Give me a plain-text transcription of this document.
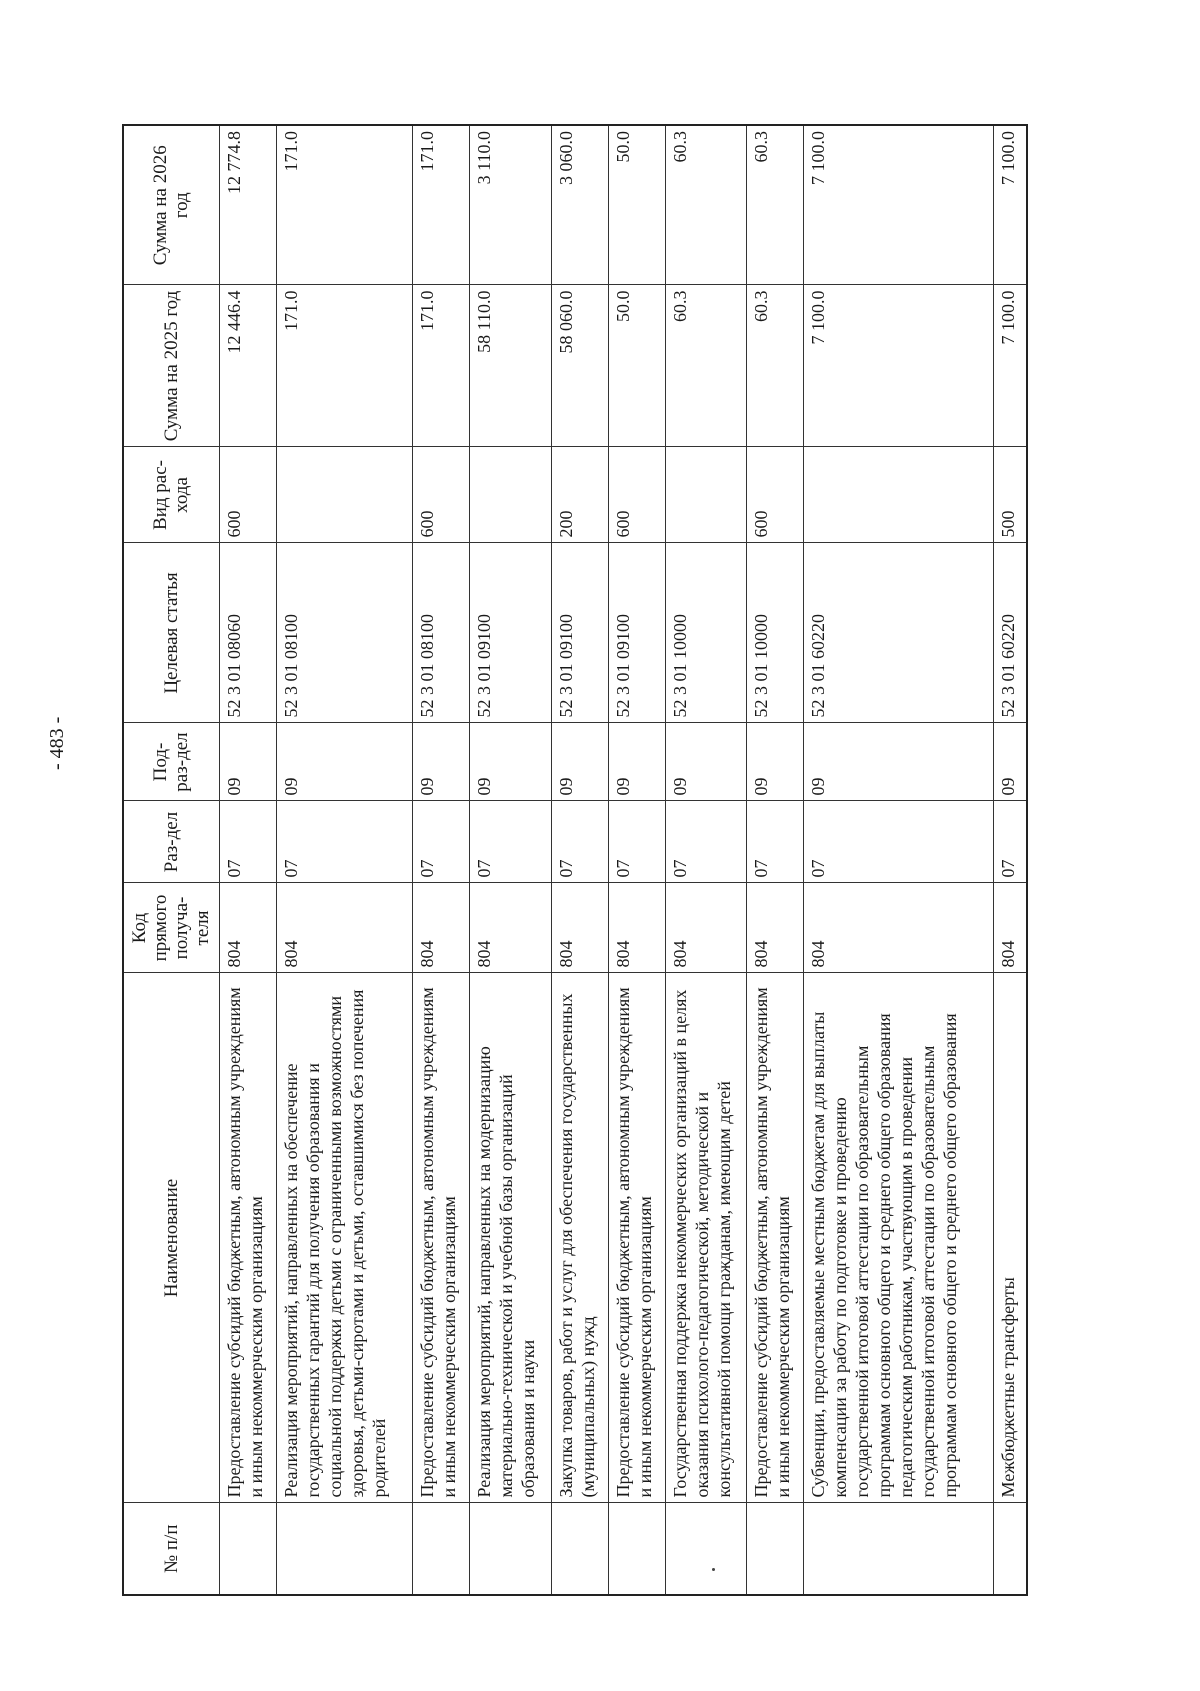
- 483 -
№ п/п	Наименование	Код прямого получа-теля	Раз-дел	Под-раз-дел	Целевая статья	Вид рас-хода	Сумма на 2025 год	Сумма на 2026 год
	Предоставление субсидий бюджетным, автономным учреждениям и иным некоммерческим организациям	804	07	09	52 3 01 08060	600	12 446.4	12 774.8
	Реализация мероприятий, направленных на обеспечение государственных гарантий для получения образования и социальной поддержки детьми с ограниченными возможностями здоровья, детьми-сиротами и детьми, оставшимися без попечения родителей	804	07	09	52 3 01 08100		171.0	171.0
	Предоставление субсидий бюджетным, автономным учреждениям и иным некоммерческим организациям	804	07	09	52 3 01 08100	600	171.0	171.0
	Реализация мероприятий, направленных на модернизацию материально-технической и учебной базы организаций образования и науки	804	07	09	52 3 01 09100		58 110.0	3 110.0
	Закупка товаров, работ и услуг для обеспечения государственных (муниципальных) нужд	804	07	09	52 3 01 09100	200	58 060.0	3 060.0
	Предоставление субсидий бюджетным, автономным учреждениям и иным некоммерческим организациям	804	07	09	52 3 01 09100	600	50.0	50.0
	Государственная поддержка некоммерческих организаций в целях оказания психолого-педагогической, методической и консультативной помощи гражданам, имеющим детей	804	07	09	52 3 01 10000		60.3	60.3
	Предоставление субсидий бюджетным, автономным учреждениям и иным некоммерческим организациям	804	07	09	52 3 01 10000	600	60.3	60.3
	Субвенции, предоставляемые местным бюджетам для выплаты компенсации за работу по подготовке и проведению государственной итоговой аттестации по образовательным программам основного общего и среднего общего образования педагогическим работникам, участвующим в проведении государственной итоговой аттестации по образовательным программам основного общего и среднего общего образования	804	07	09	52 3 01 60220		7 100.0	7 100.0
	Межбюджетные трансферты	804	07	09	52 3 01 60220	500	7 100.0	7 100.0
